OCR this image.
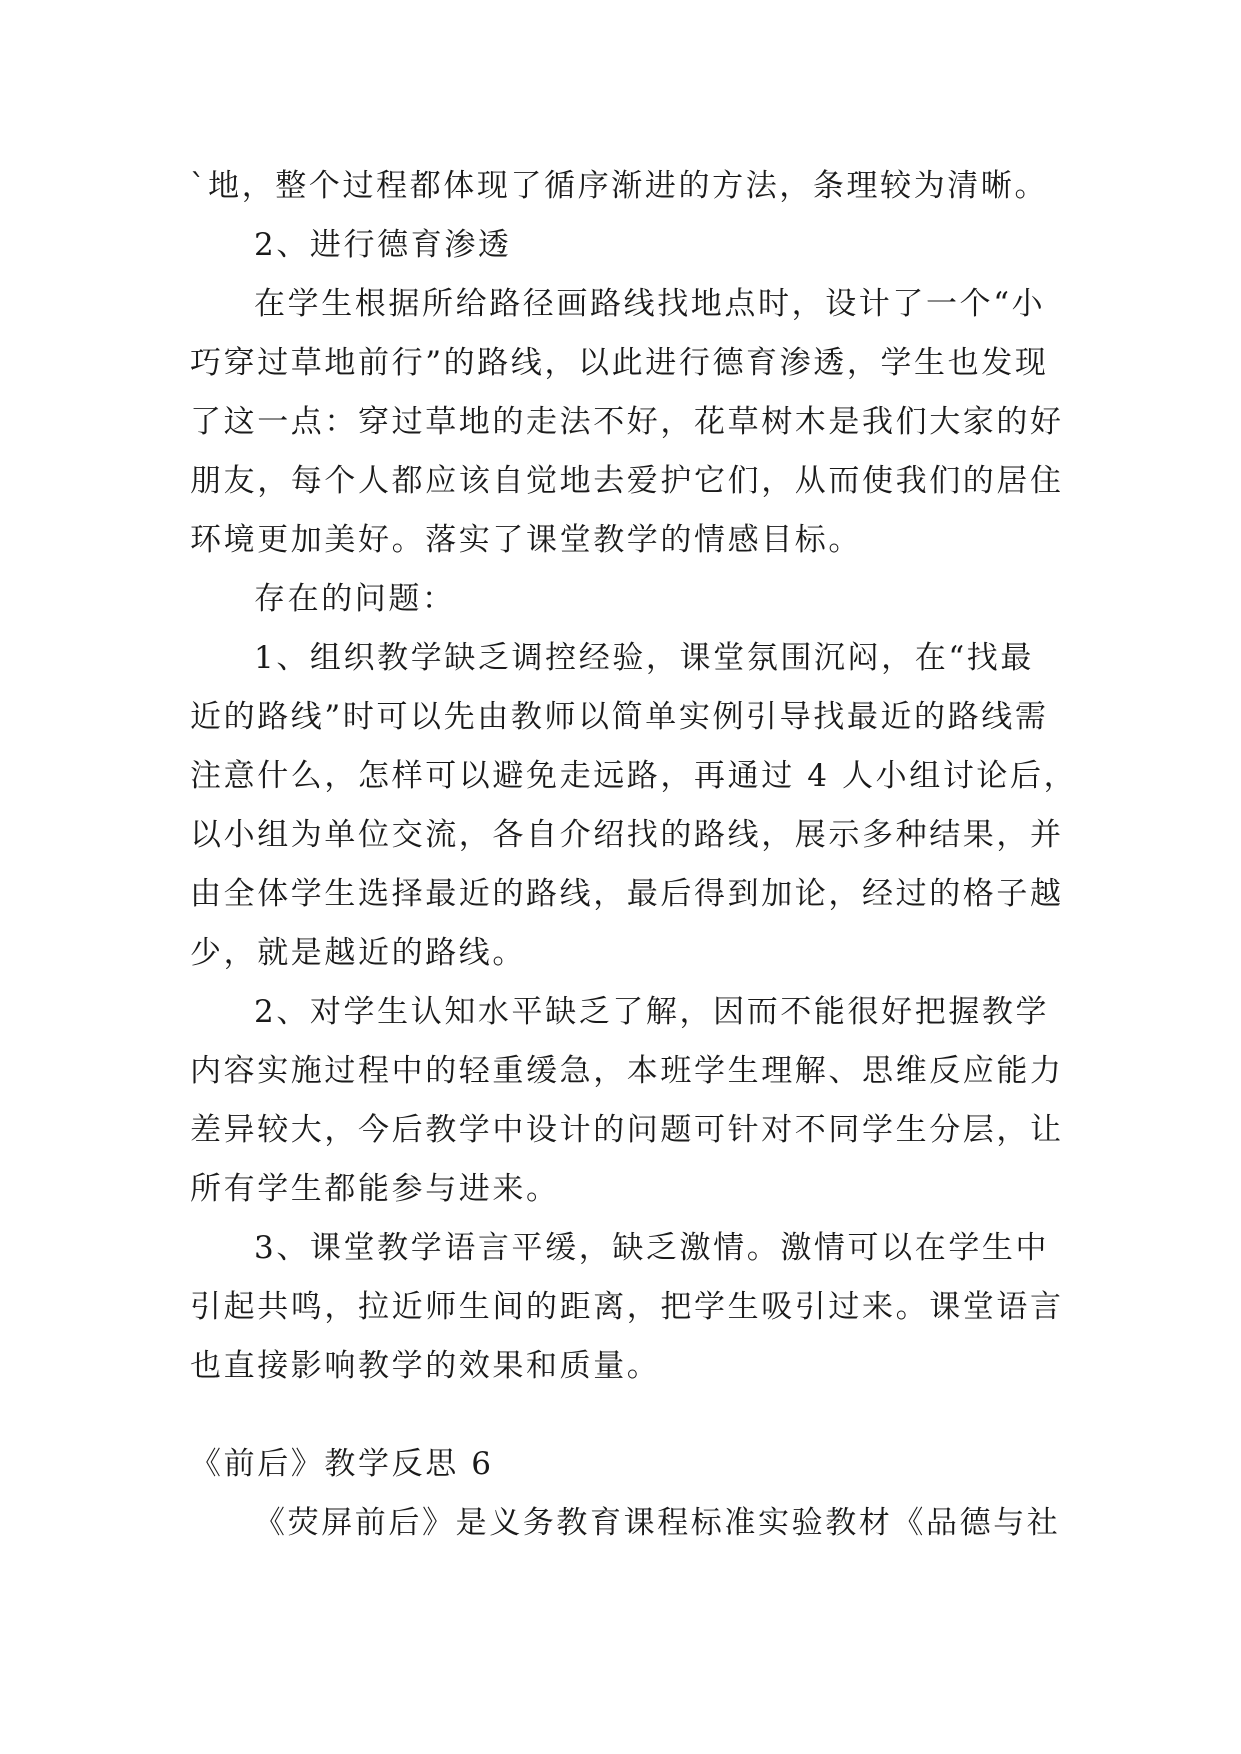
`地，整个过程都体现了循序渐进的方法，条理较为清晰。
2、进行德育渗透
在学生根据所给路径画路线找地点时，设计了一个“小
巧穿过草地前行”的路线，以此进行德育渗透，学生也发现
了这一点：穿过草地的走法不好，花草树木是我们大家的好
朋友，每个人都应该自觉地去爱护它们，从而使我们的居住
环境更加美好。落实了课堂教学的情感目标。
存在的问题：
1、组织教学缺乏调控经验，课堂氛围沉闷，在“找最
近的路线”时可以先由教师以简单实例引导找最近的路线需
注意什么，怎样可以避免走远路，再通过 4 人小组讨论后，
以小组为单位交流，各自介绍找的路线，展示多种结果，并
由全体学生选择最近的路线，最后得到加论，经过的格子越
少，就是越近的路线。
2、对学生认知水平缺乏了解，因而不能很好把握教学
内容实施过程中的轻重缓急，本班学生理解、思维反应能力
差异较大，今后教学中设计的问题可针对不同学生分层，让
所有学生都能参与进来。
3、课堂教学语言平缓，缺乏激情。激情可以在学生中
引起共鸣，拉近师生间的距离，把学生吸引过来。课堂语言
也直接影响教学的效果和质量。
《前后》教学反思 6
《荧屏前后》是义务教育课程标准实验教材《品德与社
